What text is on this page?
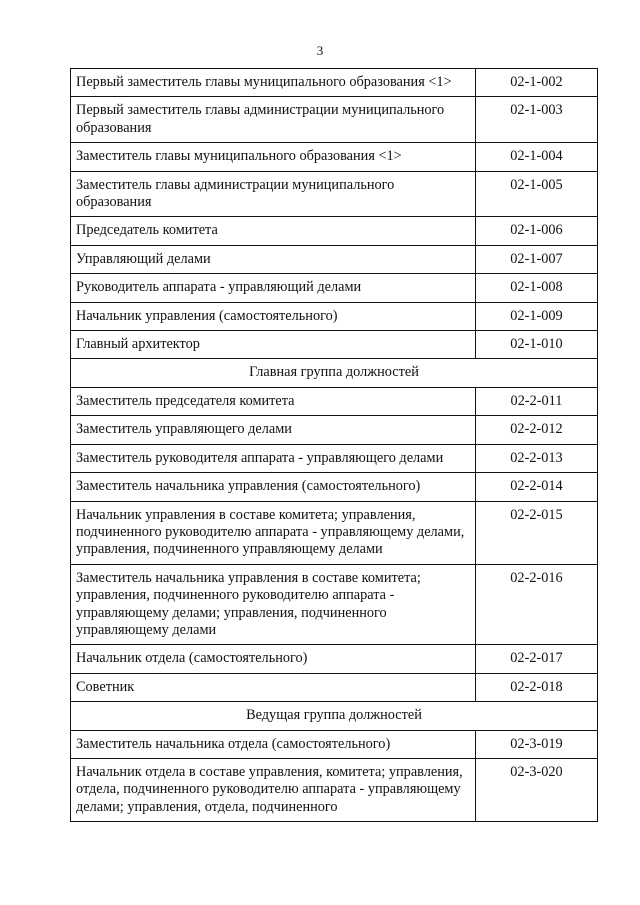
3
Первый заместитель главы муниципального образования <1>	02-1-002
Первый заместитель главы администрации муниципального образования	02-1-003
Заместитель главы муниципального образования <1>	02-1-004
Заместитель главы администрации муниципального образования	02-1-005
Председатель комитета	02-1-006
Управляющий делами	02-1-007
Руководитель аппарата - управляющий делами	02-1-008
Начальник управления (самостоятельного)	02-1-009
Главный архитектор	02-1-010
Главная группа должностей	
Заместитель председателя комитета	02-2-011
Заместитель управляющего делами	02-2-012
Заместитель руководителя аппарата - управляющего делами	02-2-013
Заместитель начальника управления (самостоятельного)	02-2-014
Начальник управления в составе комитета; управления, подчиненного руководителю аппарата - управляющему делами, управления, подчиненного управляющему делами	02-2-015
Заместитель начальника управления в составе комитета; управления, подчиненного руководителю аппарата - управляющему делами; управления, подчиненного управляющему делами	02-2-016
Начальник отдела (самостоятельного)	02-2-017
Советник	02-2-018
Ведущая группа должностей	
Заместитель начальника отдела (самостоятельного)	02-3-019
Начальник отдела в составе управления, комитета; управления, отдела, подчиненного руководителю аппарата - управляющему делами; управления, отдела, подчиненного	02-3-020
